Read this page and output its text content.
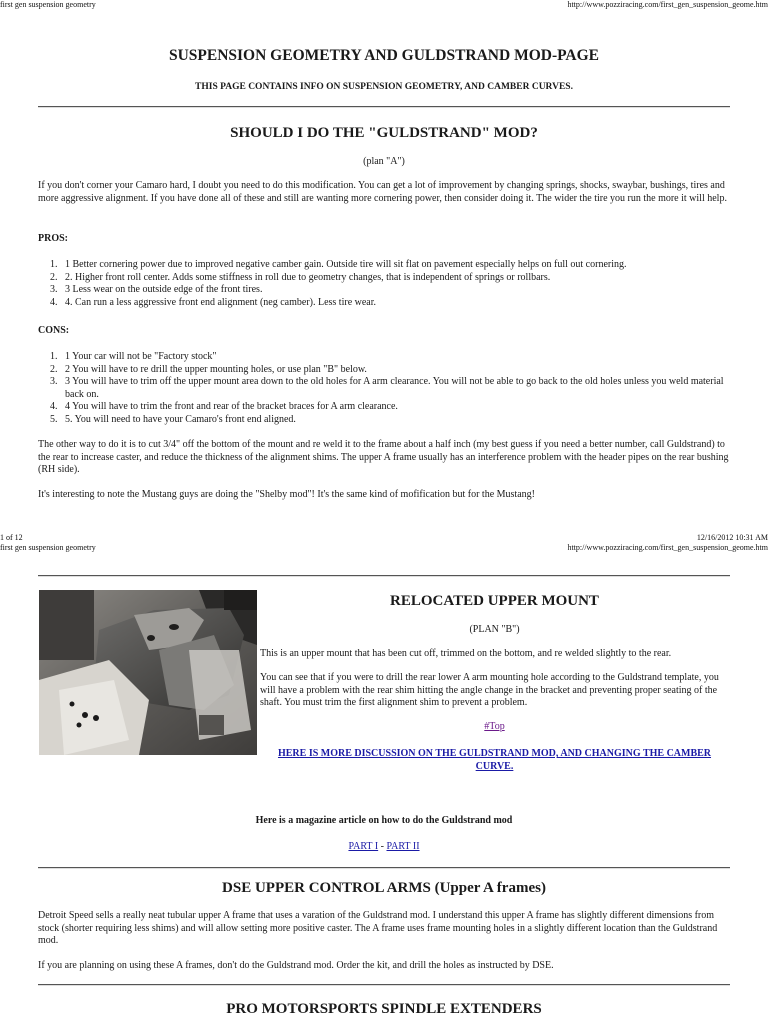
first gen suspension geometry	http://www.pozziracing.com/first_gen_suspension_geome.htm
SUSPENSION GEOMETRY AND GULDSTRAND MOD-PAGE
THIS PAGE CONTAINS INFO ON SUSPENSION GEOMETRY, AND CAMBER CURVES.
SHOULD I DO THE "GULDSTRAND" MOD?
(plan "A")

If you don't corner your Camaro hard, I doubt you need to do this modification. You can get a lot of improvement by changing springs, shocks, swaybar, bushings, tires and more aggressive alignment. If you have done all of these and still are wanting more cornering power, then consider doing it. The wider the tire you run the more it will help.

PROS:
1. 1 Better cornering power due to improved negative camber gain. Outside tire will sit flat on pavement especially helps on full out cornering.
2. 2. Higher front roll center. Adds some stiffness in roll due to geometry changes, that is independent of springs or rollbars.
3. 3 Less wear on the outside edge of the front tires.
4. 4. Can run a less aggressive front end alignment (neg camber). Less tire wear.
CONS:
1. 1 Your car will not be "Factory stock"
2. 2 You will have to re drill the upper mounting holes, or use plan "B" below.
3. 3 You will have to trim off the upper mount area down to the old holes for A arm clearance. You will not be able to go back to the old holes unless you weld material back on.
4. 4 You will have to trim the front and rear of the bracket braces for A arm clearance.
5. 5. You will need to have your Camaro's front end aligned.

The other way to do it is to cut 3/4" off the bottom of the mount and re weld it to the frame about a half inch (my best guess if you need a better number, call Guldstrand) to the rear to increase caster, and reduce the thickness of the alignment shims. The upper A frame usually has an interference problem with the header pipes on the rear bushing (RH side).

It's interesting to note the Mustang guys are doing the "Shelby mod"! It's the same kind of mofification but for the Mustang!

1 of 12	12/16/2012 10:31 AM
first gen suspension geometry	http://www.pozziracing.com/first_gen_suspension_geome.htm
RELOCATED UPPER MOUNT
(PLAN "B")

This is an upper mount that has been cut off, trimmed on the bottom, and re welded slightly to the rear.

You can see that if you were to drill the rear lower A arm mounting hole according to the Guldstrand template, you will have a problem with the rear shim hitting the angle change in the bracket and preventing proper seating of the shaft. You must trim the first alignment shim to prevent a problem.

#Top
HERE IS MORE DISCUSSION ON THE GULDSTRAND MOD, AND CHANGING THE CAMBER CURVE.
Here is a magazine article on how to do the Guldstrand mod
PART I - PART II
DSE UPPER CONTROL ARMS (Upper A frames)

Detroit Speed sells a really neat tubular upper A frame that uses a varation of the Guldstrand mod. I understand this upper A frame has slightly different dimensions from stock (shorter requiring less shims) and will allow setting more positive caster. The A frame uses frame mounting holes in a slightly different location than the Guldstrand mod.

If you are planning on using these A frames, don't do the Guldstrand mod. Order the kit, and drill the holes as instructed by DSE.

PRO MOTORSPORTS SPINDLE EXTENDERS
